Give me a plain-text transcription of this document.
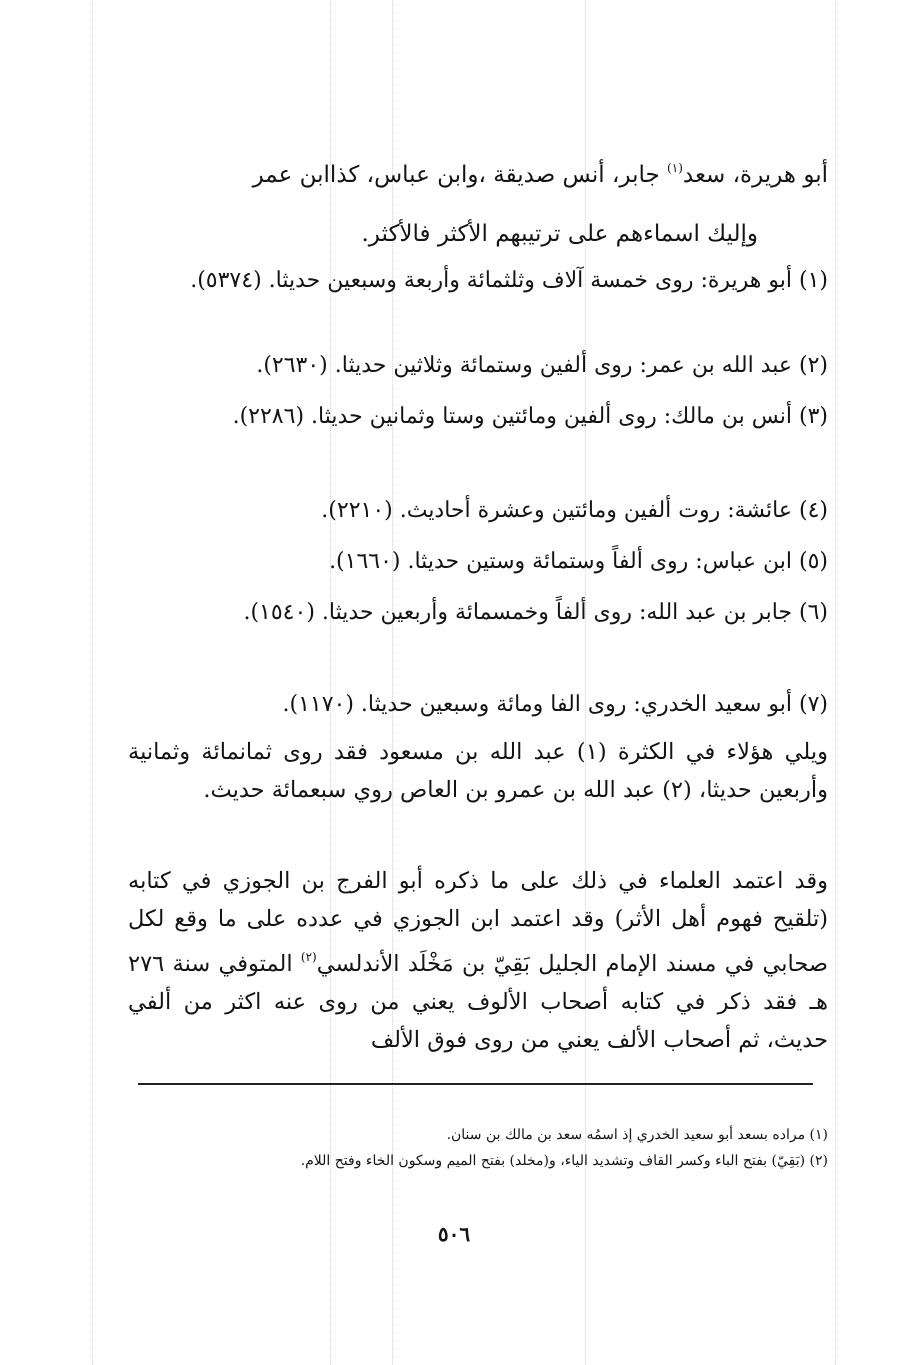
أبو هريرة، سعد$^{(١)}$ جابر، أنس صديقة ،وابن عباس، كذاابن عمر
وإليك اسماءهم على ترتيبهم الأكثر فالأكثر.
(١) أبو هريرة: روى خمسة آلاف وثلثمائة وأربعة وسبعين حديثا. (٥٣٧٤).
(٢) عبد الله بن عمر: روى ألفين وستمائة وثلاثين حديثا. (٢٦٣٠).
(٣) أنس بن مالك: روى ألفين ومائتين وستا وثمانين حديثا. (٢٢٨٦).
(٤) عائشة: روت ألفين ومائتين وعشرة أحاديث. (٢٢١٠).
(٥) ابن عباس: روى ألفاً وستمائة وستين حديثا. (١٦٦٠).
(٦) جابر بن عبد الله: روى ألفاً وخمسمائة وأربعين حديثا. (١٥٤٠).
(٧) أبو سعيد الخدري: روى الفا ومائة وسبعين حديثا. (١١٧٠).
ويلي هؤلاء في الكثرة (١) عبد الله بن مسعود فقد روى ثمانمائة وثمانية وأربعين حديثا، (٢) عبد الله بن عمرو بن العاص روي سبعمائة حديث.
وقد اعتمد العلماء في ذلك على ما ذكره أبو الفرج بن الجوزي في كتابه (تلقيح فهوم أهل الأثر) وقد اعتمد ابن الجوزي في عدده على ما وقع لكل صحابي في مسند الإمام الجليل بَقِيّ بن مَخْلَد الأندلسي$^{(٢)}$ المتوفي سنة ٢٧٦ هـ فقد ذكر في كتابه أصحاب الألوف يعني من روى عنه اكثر من ألفي حديث، ثم أصحاب الألف يعني من روى فوق الألف
(١) مراده بسعد أبو سعيد الخدري إذ اسمُه سعد بن مالك بن سنان.
(٢) (بَقِيّ) بفتح الباء وكسر القاف وتشديد الياء، و(مخلد) بفتح الميم وسكون الخاء وفتح اللام.
٥٠٦
